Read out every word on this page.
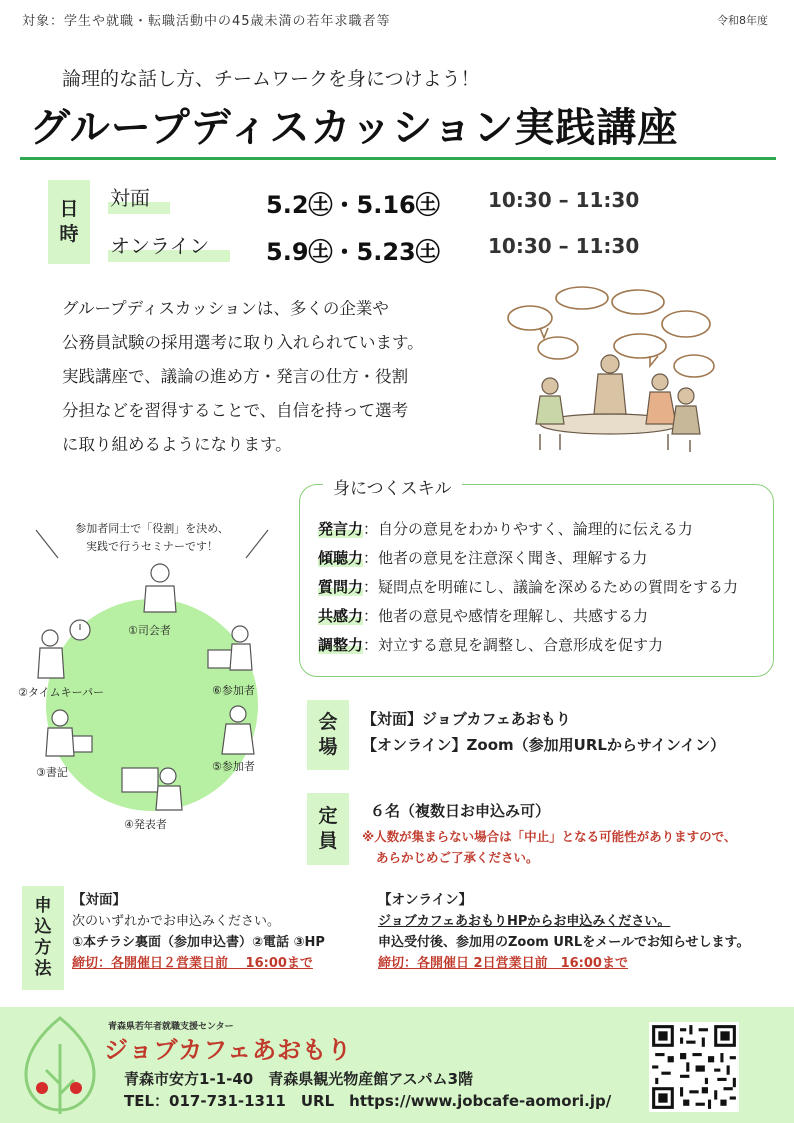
対象：学生や就職・転職活動中の45歳未満の若年求職者等	令和8年度
論理的な話し方、チームワークを身につけよう！
グループディスカッション実践講座
日
時
対面	5.2㊏・5.16㊏ 10:30 – 11:30
オンライン 5.9㊏・5.23㊏ 10:30 – 11:30
グループディスカッションは、多くの企業や
公務員試験の採用選考に取り入れられています。
実践講座で、議論の進め方・発言の仕方・役割
分担などを習得することで、自信を持って選考
に取り組めるようになります。
身につくスキル
発言力：自分の意見をわかりやすく、論理的に伝える力
傾聴力：他者の意見を注意深く聞き、理解する力
質問力：疑問点を明確にし、議論を深めるための質問をする力
共感力：他者の意見や感情を理解し、共感する力
調整力：対立する意見を調整し、合意形成を促す力
参加者同士で「役割」を決め、
実践で行うセミナーです！
①司会者
⑥参加者
⑤参加者
④発表者
③書記
②タイムキーパー
会
場
【対面】ジョブカフェあおもり
【オンライン】Zoom（参加用URLからサインイン）
定
員
６名（複数日お申込み可）
※人数が集まらない場合は「中止」となる可能性がありますので、
あらかじめご了承ください。
申
込
方
法
【対面】
次のいずれかでお申込みください。
①本チラシ裏面（参加申込書）②電話 ③HP
締切：各開催日２営業日前　 16:00まで
【オンライン】
ジョブカフェあおもりHPからお申込みください。
申込受付後、参加用のZoom URLをメールでお知らせします。
締切：各開催日 2日営業日前　16:00まで
青森県若年者就職支援センター
ジョブカフェあおもり
青森市安方1-1-40　青森県観光物産館アスパム3階
TEL：017-731-1311　URL　https://www.jobcafe-aomori.jp/
